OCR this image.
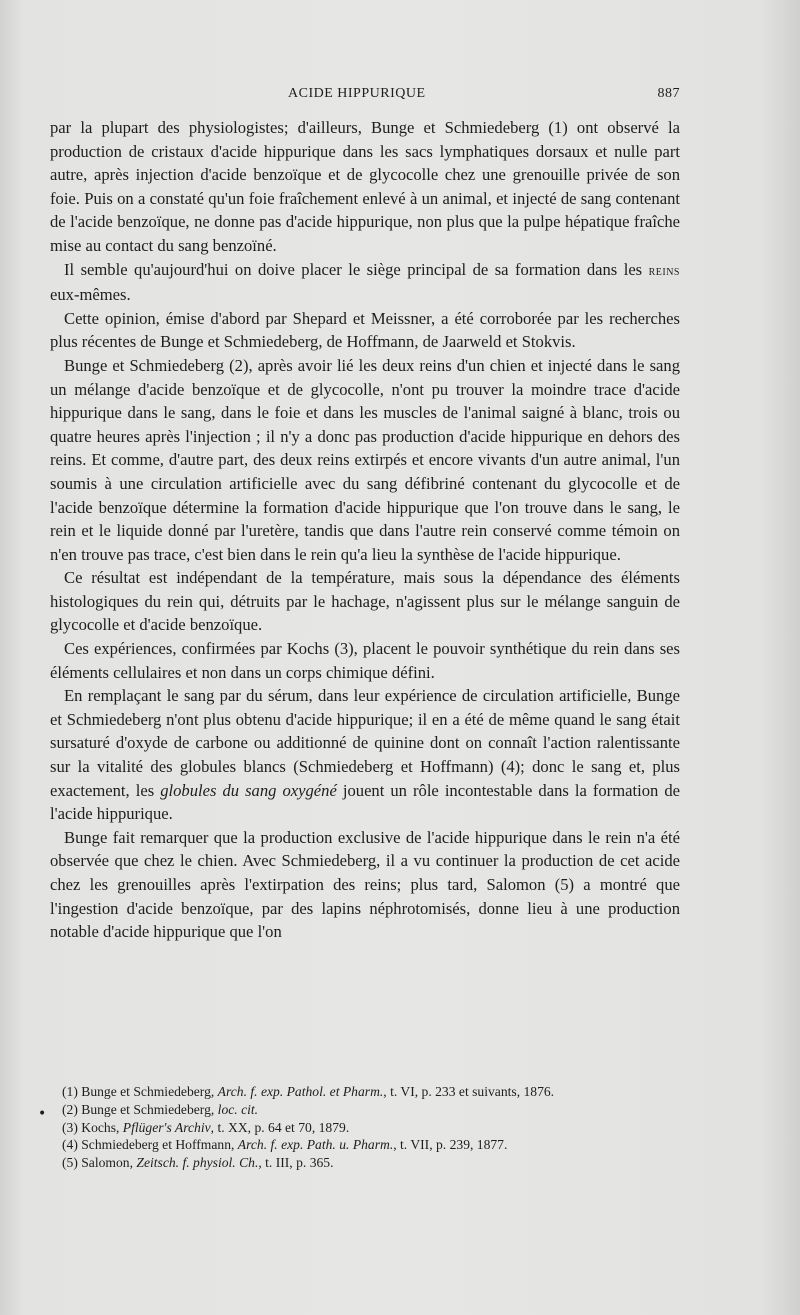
ACIDE HIPPURIQUE	887

par la plupart des physiologistes; d'ailleurs, Bunge et Schmiedeberg (1) ont observé la production de cristaux d'acide hippurique dans les sacs lymphatiques dorsaux et nulle part autre, après injection d'acide benzoïque et de glycocolle chez une grenouille privée de son foie. Puis on a constaté qu'un foie fraîchement enlevé à un animal, et injecté de sang contenant de l'acide benzoïque, ne donne pas d'acide hippurique, non plus que la pulpe hépatique fraîche mise au contact du sang benzoïné.

Il semble qu'aujourd'hui on doive placer le siège principal de sa formation dans les reins eux-mêmes.

Cette opinion, émise d'abord par Shepard et Meissner, a été corroborée par les recherches plus récentes de Bunge et Schmiedeberg, de Hoffmann, de Jaarweld et Stokvis.

Bunge et Schmiedeberg (2), après avoir lié les deux reins d'un chien et injecté dans le sang un mélange d'acide benzoïque et de glycocolle, n'ont pu trouver la moindre trace d'acide hippurique dans le sang, dans le foie et dans les muscles de l'animal saigné à blanc, trois ou quatre heures après l'injection ; il n'y a donc pas production d'acide hippurique en dehors des reins. Et comme, d'autre part, des deux reins extirpés et encore vivants d'un autre animal, l'un soumis à une circulation artificielle avec du sang défibriné contenant du glycocolle et de l'acide benzoïque détermine la formation d'acide hippurique que l'on trouve dans le sang, le rein et le liquide donné par l'uretère, tandis que dans l'autre rein conservé comme témoin on n'en trouve pas trace, c'est bien dans le rein qu'a lieu la synthèse de l'acide hippurique.

Ce résultat est indépendant de la température, mais sous la dépendance des éléments histologiques du rein qui, détruits par le hachage, n'agissent plus sur le mélange sanguin de glycocolle et d'acide benzoïque.

Ces expériences, confirmées par Kochs (3), placent le pouvoir synthétique du rein dans ses éléments cellulaires et non dans un corps chimique défini.

En remplaçant le sang par du sérum, dans leur expérience de circulation artificielle, Bunge et Schmiedeberg n'ont plus obtenu d'acide hippurique; il en a été de même quand le sang était sursaturé d'oxyde de carbone ou additionné de quinine dont on connaît l'action ralentissante sur la vitalité des globules blancs (Schmiedeberg et Hoffmann) (4); donc le sang et, plus exactement, les globules du sang oxygéné jouent un rôle incontestable dans la formation de l'acide hippurique.

Bunge fait remarquer que la production exclusive de l'acide hippurique dans le rein n'a été observée que chez le chien. Avec Schmiedeberg, il a vu continuer la production de cet acide chez les grenouilles après l'extirpation des reins; plus tard, Salomon (5) a montré que l'ingestion d'acide benzoïque, par des lapins néphrotomisés, donne lieu à une production notable d'acide hippurique que l'on

•
(1) Bunge et Schmiedeberg, Arch. f. exp. Pathol. et Pharm., t. VI, p. 233 et suivants, 1876.
(2) Bunge et Schmiedeberg, loc. cit.
(3) Kochs, Pflüger's Archiv, t. XX, p. 64 et 70, 1879.
(4) Schmiedeberg et Hoffmann, Arch. f. exp. Path. u. Pharm., t. VII, p. 239, 1877.
(5) Salomon, Zeitsch. f. physiol. Ch., t. III, p. 365.
